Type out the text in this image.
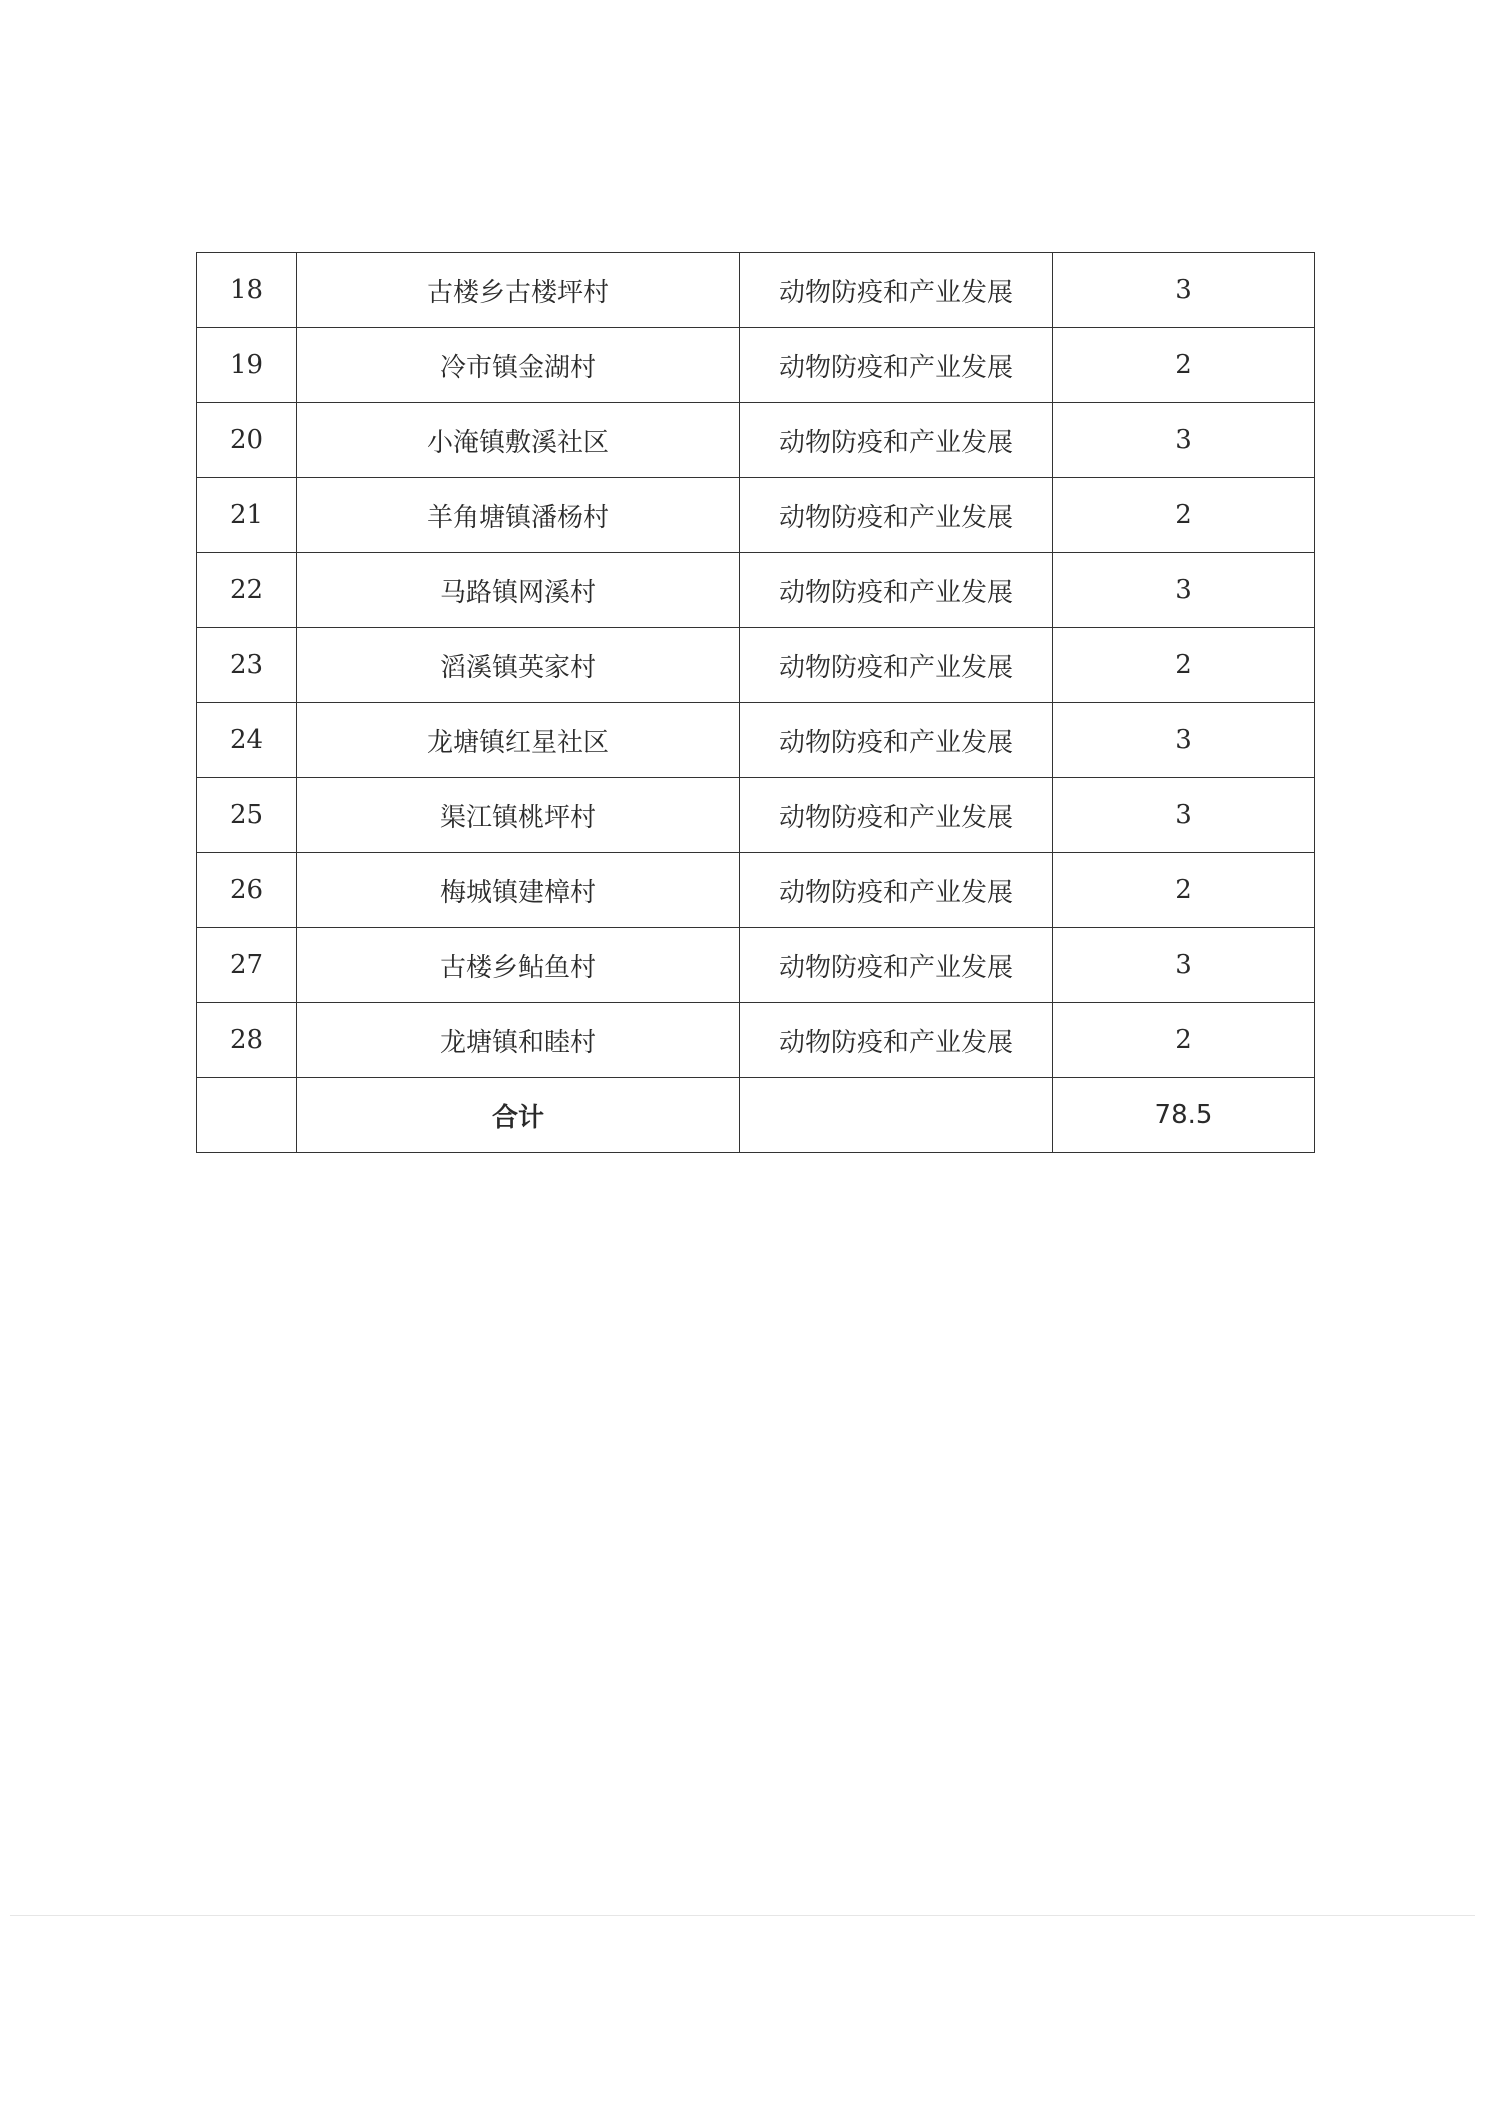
18	古楼乡古楼坪村	动物防疫和产业发展	3
19	冷市镇金湖村	动物防疫和产业发展	2
20	小淹镇敷溪社区	动物防疫和产业发展	3
21	羊角塘镇潘杨村	动物防疫和产业发展	2
22	马路镇网溪村	动物防疫和产业发展	3
23	滔溪镇英家村	动物防疫和产业发展	2
24	龙塘镇红星社区	动物防疫和产业发展	3
25	渠江镇桃坪村	动物防疫和产业发展	3
26	梅城镇建樟村	动物防疫和产业发展	2
27	古楼乡鲇鱼村	动物防疫和产业发展	3
28	龙塘镇和睦村	动物防疫和产业发展	2
	合计		78.5
